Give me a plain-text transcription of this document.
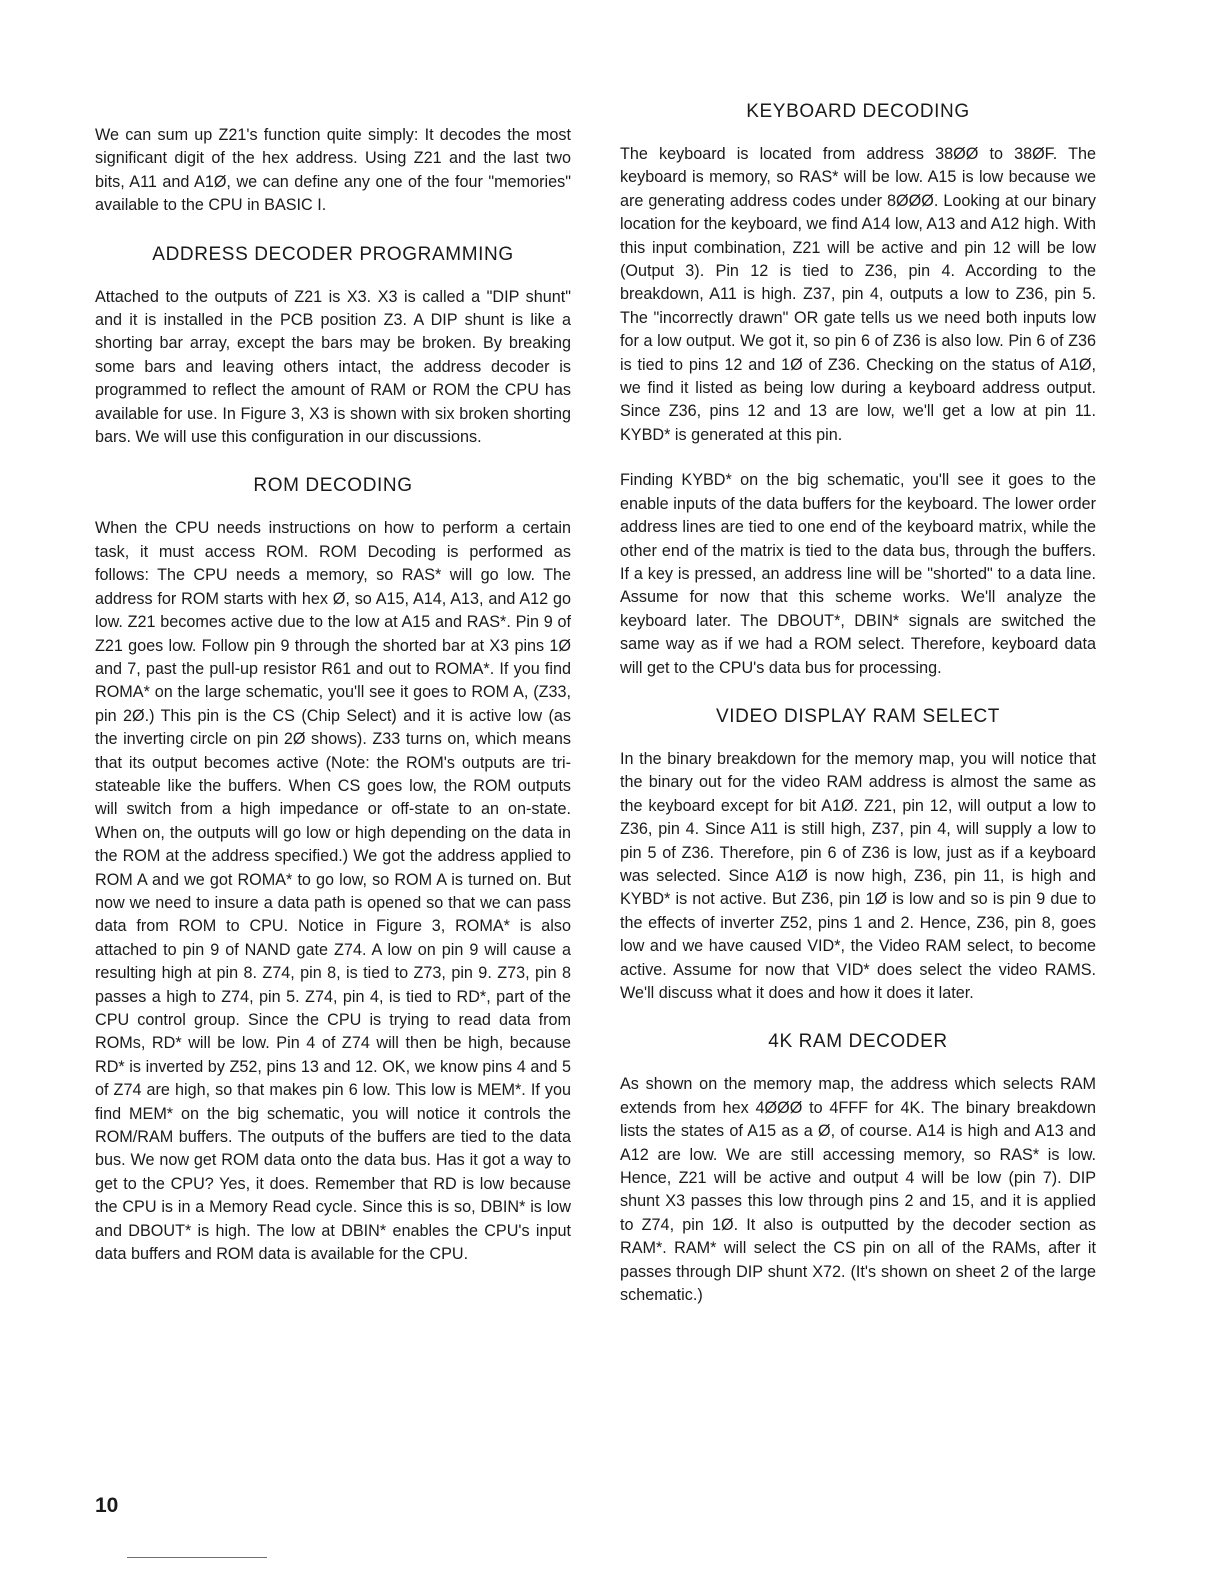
We can sum up Z21's function quite simply: It decodes the most significant digit of the hex address. Using Z21 and the last two bits, A11 and A1Ø, we can define any one of the four "memories" available to the CPU in BASIC I.

ADDRESS DECODER PROGRAMMING

Attached to the outputs of Z21 is X3. X3 is called a "DIP shunt" and it is installed in the PCB position Z3. A DIP shunt is like a shorting bar array, except the bars may be broken. By breaking some bars and leaving others intact, the address decoder is programmed to reflect the amount of RAM or ROM the CPU has available for use. In Figure 3, X3 is shown with six broken shorting bars. We will use this configuration in our discussions.

ROM DECODING

When the CPU needs instructions on how to perform a certain task, it must access ROM. ROM Decoding is performed as follows: The CPU needs a memory, so RAS* will go low. The address for ROM starts with hex Ø, so A15, A14, A13, and A12 go low. Z21 becomes active due to the low at A15 and RAS*. Pin 9 of Z21 goes low. Follow pin 9 through the shorted bar at X3 pins 1Ø and 7, past the pull-up resistor R61 and out to ROMA*. If you find ROMA* on the large schematic, you'll see it goes to ROM A, (Z33, pin 2Ø.) This pin is the CS (Chip Select) and it is active low (as the inverting circle on pin 2Ø shows). Z33 turns on, which means that its output becomes active (Note: the ROM's outputs are tri-stateable like the buffers. When CS goes low, the ROM outputs will switch from a high impedance or off-state to an on-state. When on, the outputs will go low or high depending on the data in the ROM at the address specified.) We got the address applied to ROM A and we got ROMA* to go low, so ROM A is turned on. But now we need to insure a data path is opened so that we can pass data from ROM to CPU. Notice in Figure 3, ROMA* is also attached to pin 9 of NAND gate Z74. A low on pin 9 will cause a resulting high at pin 8. Z74, pin 8, is tied to Z73, pin 9. Z73, pin 8 passes a high to Z74, pin 5. Z74, pin 4, is tied to RD*, part of the CPU control group. Since the CPU is trying to read data from ROMs, RD* will be low. Pin 4 of Z74 will then be high, because RD* is inverted by Z52, pins 13 and 12. OK, we know pins 4 and 5 of Z74 are high, so that makes pin 6 low. This low is MEM*. If you find MEM* on the big schematic, you will notice it controls the ROM/RAM buffers. The outputs of the buffers are tied to the data bus. We now get ROM data onto the data bus. Has it got a way to get to the CPU? Yes, it does. Remember that RD is low because the CPU is in a Memory Read cycle. Since this is so, DBIN* is low and DBOUT* is high. The low at DBIN* enables the CPU's input data buffers and ROM data is available for the CPU.

KEYBOARD DECODING

The keyboard is located from address 38ØØ to 38ØF. The keyboard is memory, so RAS* will be low. A15 is low because we are generating address codes under 8ØØØ. Looking at our binary location for the keyboard, we find A14 low, A13 and A12 high. With this input combination, Z21 will be active and pin 12 will be low (Output 3). Pin 12 is tied to Z36, pin 4. According to the breakdown, A11 is high. Z37, pin 4, outputs a low to Z36, pin 5. The "incorrectly drawn" OR gate tells us we need both inputs low for a low output. We got it, so pin 6 of Z36 is also low. Pin 6 of Z36 is tied to pins 12 and 1Ø of Z36. Checking on the status of A1Ø, we find it listed as being low during a keyboard address output. Since Z36, pins 12 and 13 are low, we'll get a low at pin 11. KYBD* is generated at this pin.

Finding KYBD* on the big schematic, you'll see it goes to the enable inputs of the data buffers for the keyboard. The lower order address lines are tied to one end of the keyboard matrix, while the other end of the matrix is tied to the data bus, through the buffers. If a key is pressed, an address line will be "shorted" to a data line. Assume for now that this scheme works. We'll analyze the keyboard later. The DBOUT*, DBIN* signals are switched the same way as if we had a ROM select. Therefore, keyboard data will get to the CPU's data bus for processing.

VIDEO DISPLAY RAM SELECT

In the binary breakdown for the memory map, you will notice that the binary out for the video RAM address is almost the same as the keyboard except for bit A1Ø. Z21, pin 12, will output a low to Z36, pin 4. Since A11 is still high, Z37, pin 4, will supply a low to pin 5 of Z36. Therefore, pin 6 of Z36 is low, just as if a keyboard was selected. Since A1Ø is now high, Z36, pin 11, is high and KYBD* is not active. But Z36, pin 1Ø is low and so is pin 9 due to the effects of inverter Z52, pins 1 and 2. Hence, Z36, pin 8, goes low and we have caused VID*, the Video RAM select, to become active. Assume for now that VID* does select the video RAMS. We'll discuss what it does and how it does it later.

4K RAM DECODER

As shown on the memory map, the address which selects RAM extends from hex 4ØØØ to 4FFF for 4K. The binary breakdown lists the states of A15 as a Ø, of course. A14 is high and A13 and A12 are low. We are still accessing memory, so RAS* is low. Hence, Z21 will be active and output 4 will be low (pin 7). DIP shunt X3 passes this low through pins 2 and 15, and it is applied to Z74, pin 1Ø. It also is outputted by the decoder section as RAM*. RAM* will select the CS pin on all of the RAMs, after it passes through DIP shunt X72. (It's shown on sheet 2 of the large schematic.)

10
